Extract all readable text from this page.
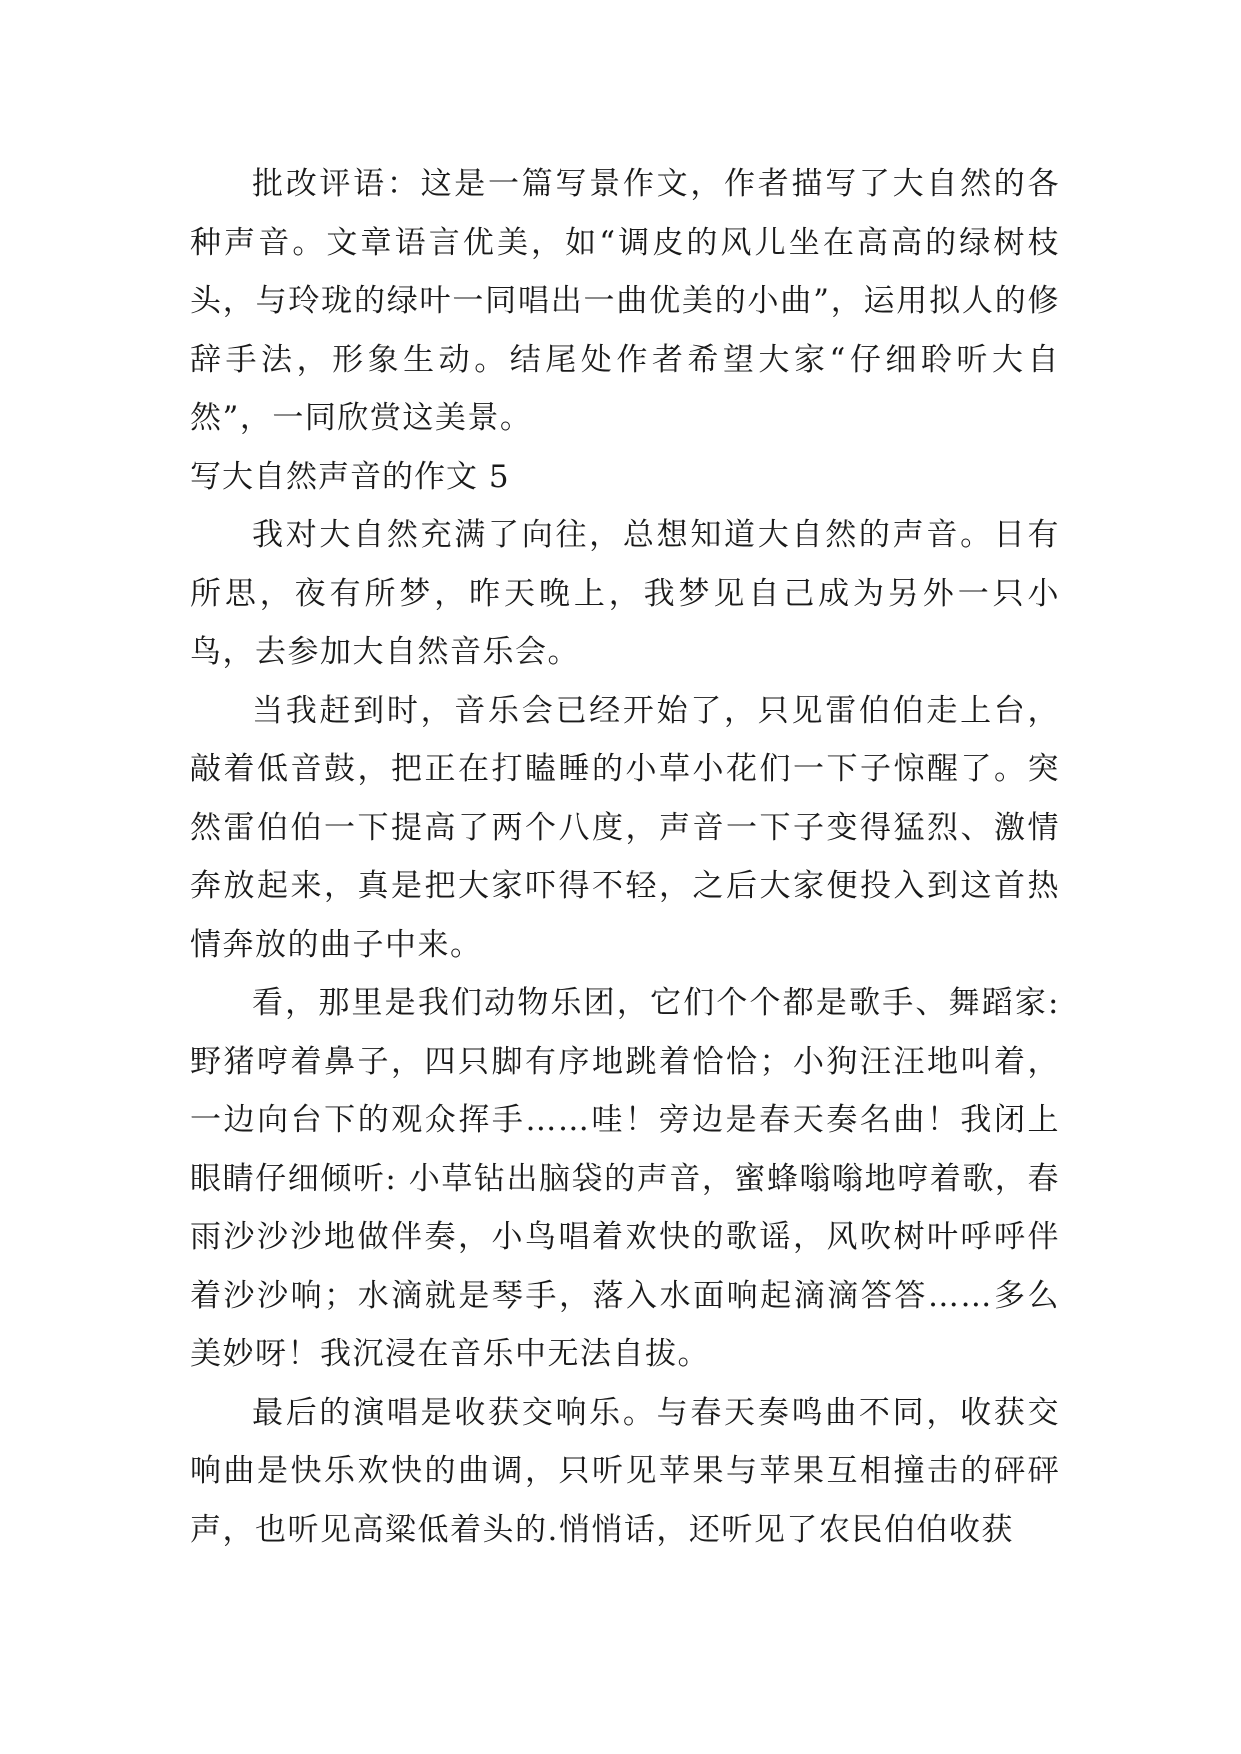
批改评语：这是一篇写景作文，作者描写了大自然的各种声音。文章语言优美，如“调皮的风儿坐在高高的绿树枝头，与玲珑的绿叶一同唱出一曲优美的小曲”，运用拟人的修辞手法，形象生动。结尾处作者希望大家“仔细聆听大自然”，一同欣赏这美景。

写大自然声音的作文 5

我对大自然充满了向往，总想知道大自然的声音。日有所思，夜有所梦，昨天晚上，我梦见自己成为另外一只小鸟，去参加大自然音乐会。

当我赶到时，音乐会已经开始了，只见雷伯伯走上台，敲着低音鼓，把正在打瞌睡的小草小花们一下子惊醒了。突然雷伯伯一下提高了两个八度，声音一下子变得猛烈、激情奔放起来，真是把大家吓得不轻，之后大家便投入到这首热情奔放的曲子中来。

看，那里是我们动物乐团，它们个个都是歌手、舞蹈家:野猪哼着鼻子，四只脚有序地跳着恰恰；小狗汪汪地叫着，一边向台下的观众挥手……哇！旁边是春天奏名曲！我闭上眼睛仔细倾听: 小草钻出脑袋的声音，蜜蜂嗡嗡地哼着歌，春雨沙沙沙地做伴奏，小鸟唱着欢快的歌谣，风吹树叶呼呼伴着沙沙响；水滴就是琴手，落入水面响起滴滴答答……多么美妙呀！我沉浸在音乐中无法自拔。

最后的演唱是收获交响乐。与春天奏鸣曲不同，收获交响曲是快乐欢快的曲调，只听见苹果与苹果互相撞击的砰砰声，也听见高粱低着头的.悄悄话，还听见了农民伯伯收获
